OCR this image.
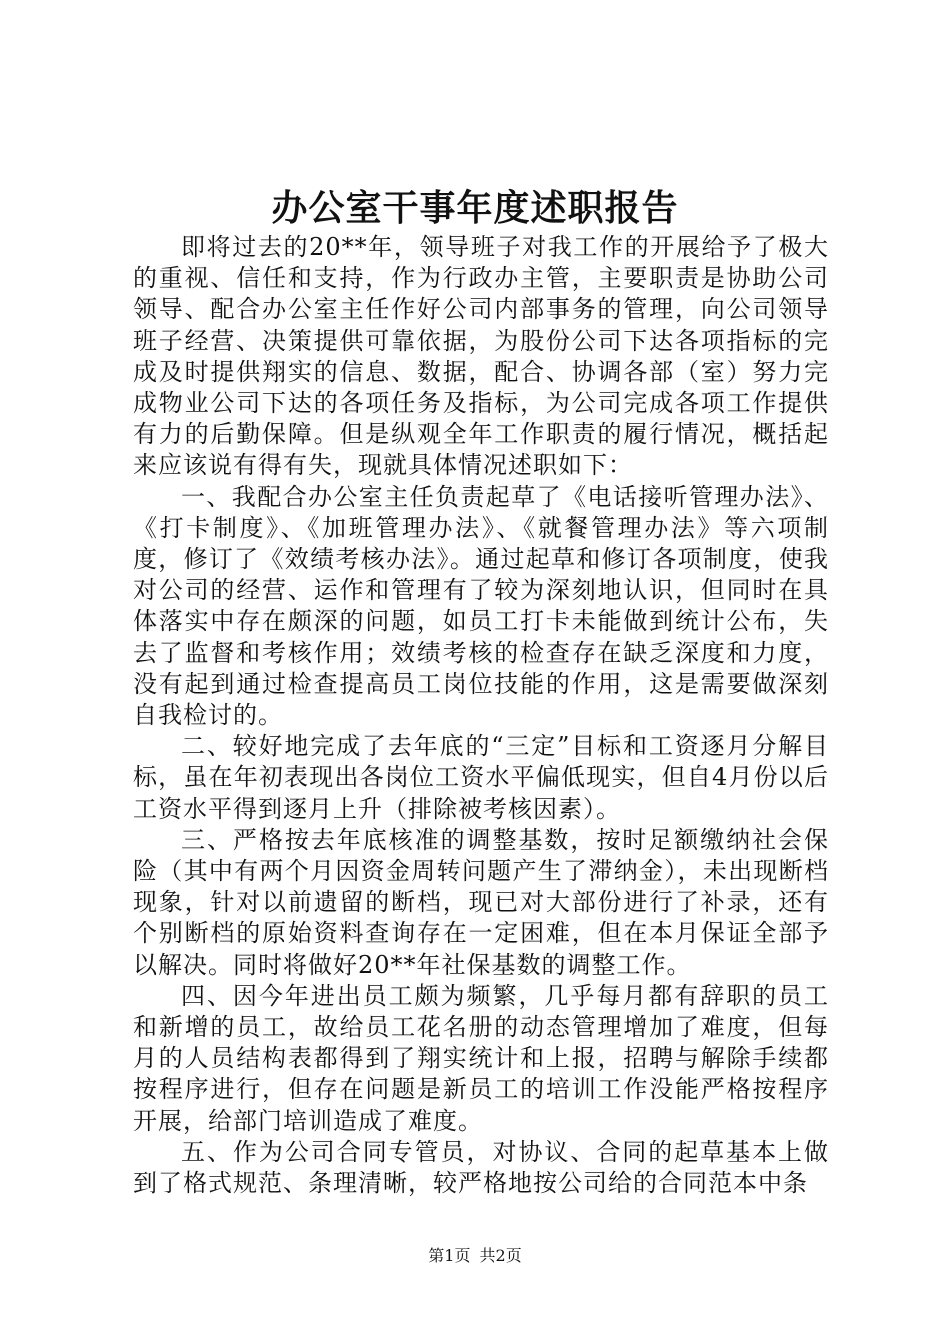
办公室干事年度述职报告

即将过去的20**年，领导班子对我工作的开展给予了极大的重视、信任和支持，作为行政办主管，主要职责是协助公司领导、配合办公室主任作好公司内部事务的管理，向公司领导班子经营、决策提供可靠依据，为股份公司下达各项指标的完成及时提供翔实的信息、数据，配合、协调各部（室）努力完成物业公司下达的各项任务及指标，为公司完成各项工作提供有力的后勤保障。但是纵观全年工作职责的履行情况，概括起来应该说有得有失，现就具体情况述职如下：

一、我配合办公室主任负责起草了《电话接听管理办法》、《打卡制度》、《加班管理办法》、《就餐管理办法》等六项制度，修订了《效绩考核办法》。通过起草和修订各项制度，使我对公司的经营、运作和管理有了较为深刻地认识，但同时在具体落实中存在颇深的问题，如员工打卡未能做到统计公布，失去了监督和考核作用；效绩考核的检查存在缺乏深度和力度，没有起到通过检查提高员工岗位技能的作用，这是需要做深刻自我检讨的。

二、较好地完成了去年底的“三定”目标和工资逐月分解目标，虽在年初表现出各岗位工资水平偏低现实，但自4月份以后工资水平得到逐月上升（排除被考核因素）。

三、严格按去年底核准的调整基数，按时足额缴纳社会保险（其中有两个月因资金周转问题产生了滞纳金），未出现断档现象，针对以前遗留的断档，现已对大部份进行了补录，还有个别断档的原始资料查询存在一定困难，但在本月保证全部予以解决。同时将做好20**年社保基数的调整工作。

四、因今年进出员工颇为频繁，几乎每月都有辞职的员工和新增的员工，故给员工花名册的动态管理增加了难度，但每月的人员结构表都得到了翔实统计和上报，招聘与解除手续都按程序进行，但存在问题是新员工的培训工作没能严格按程序开展，给部门培训造成了难度。

五、作为公司合同专管员，对协议、合同的起草基本上做到了格式规范、条理清晰，较严格地按公司给的合同范本中条

第1页 共2页
